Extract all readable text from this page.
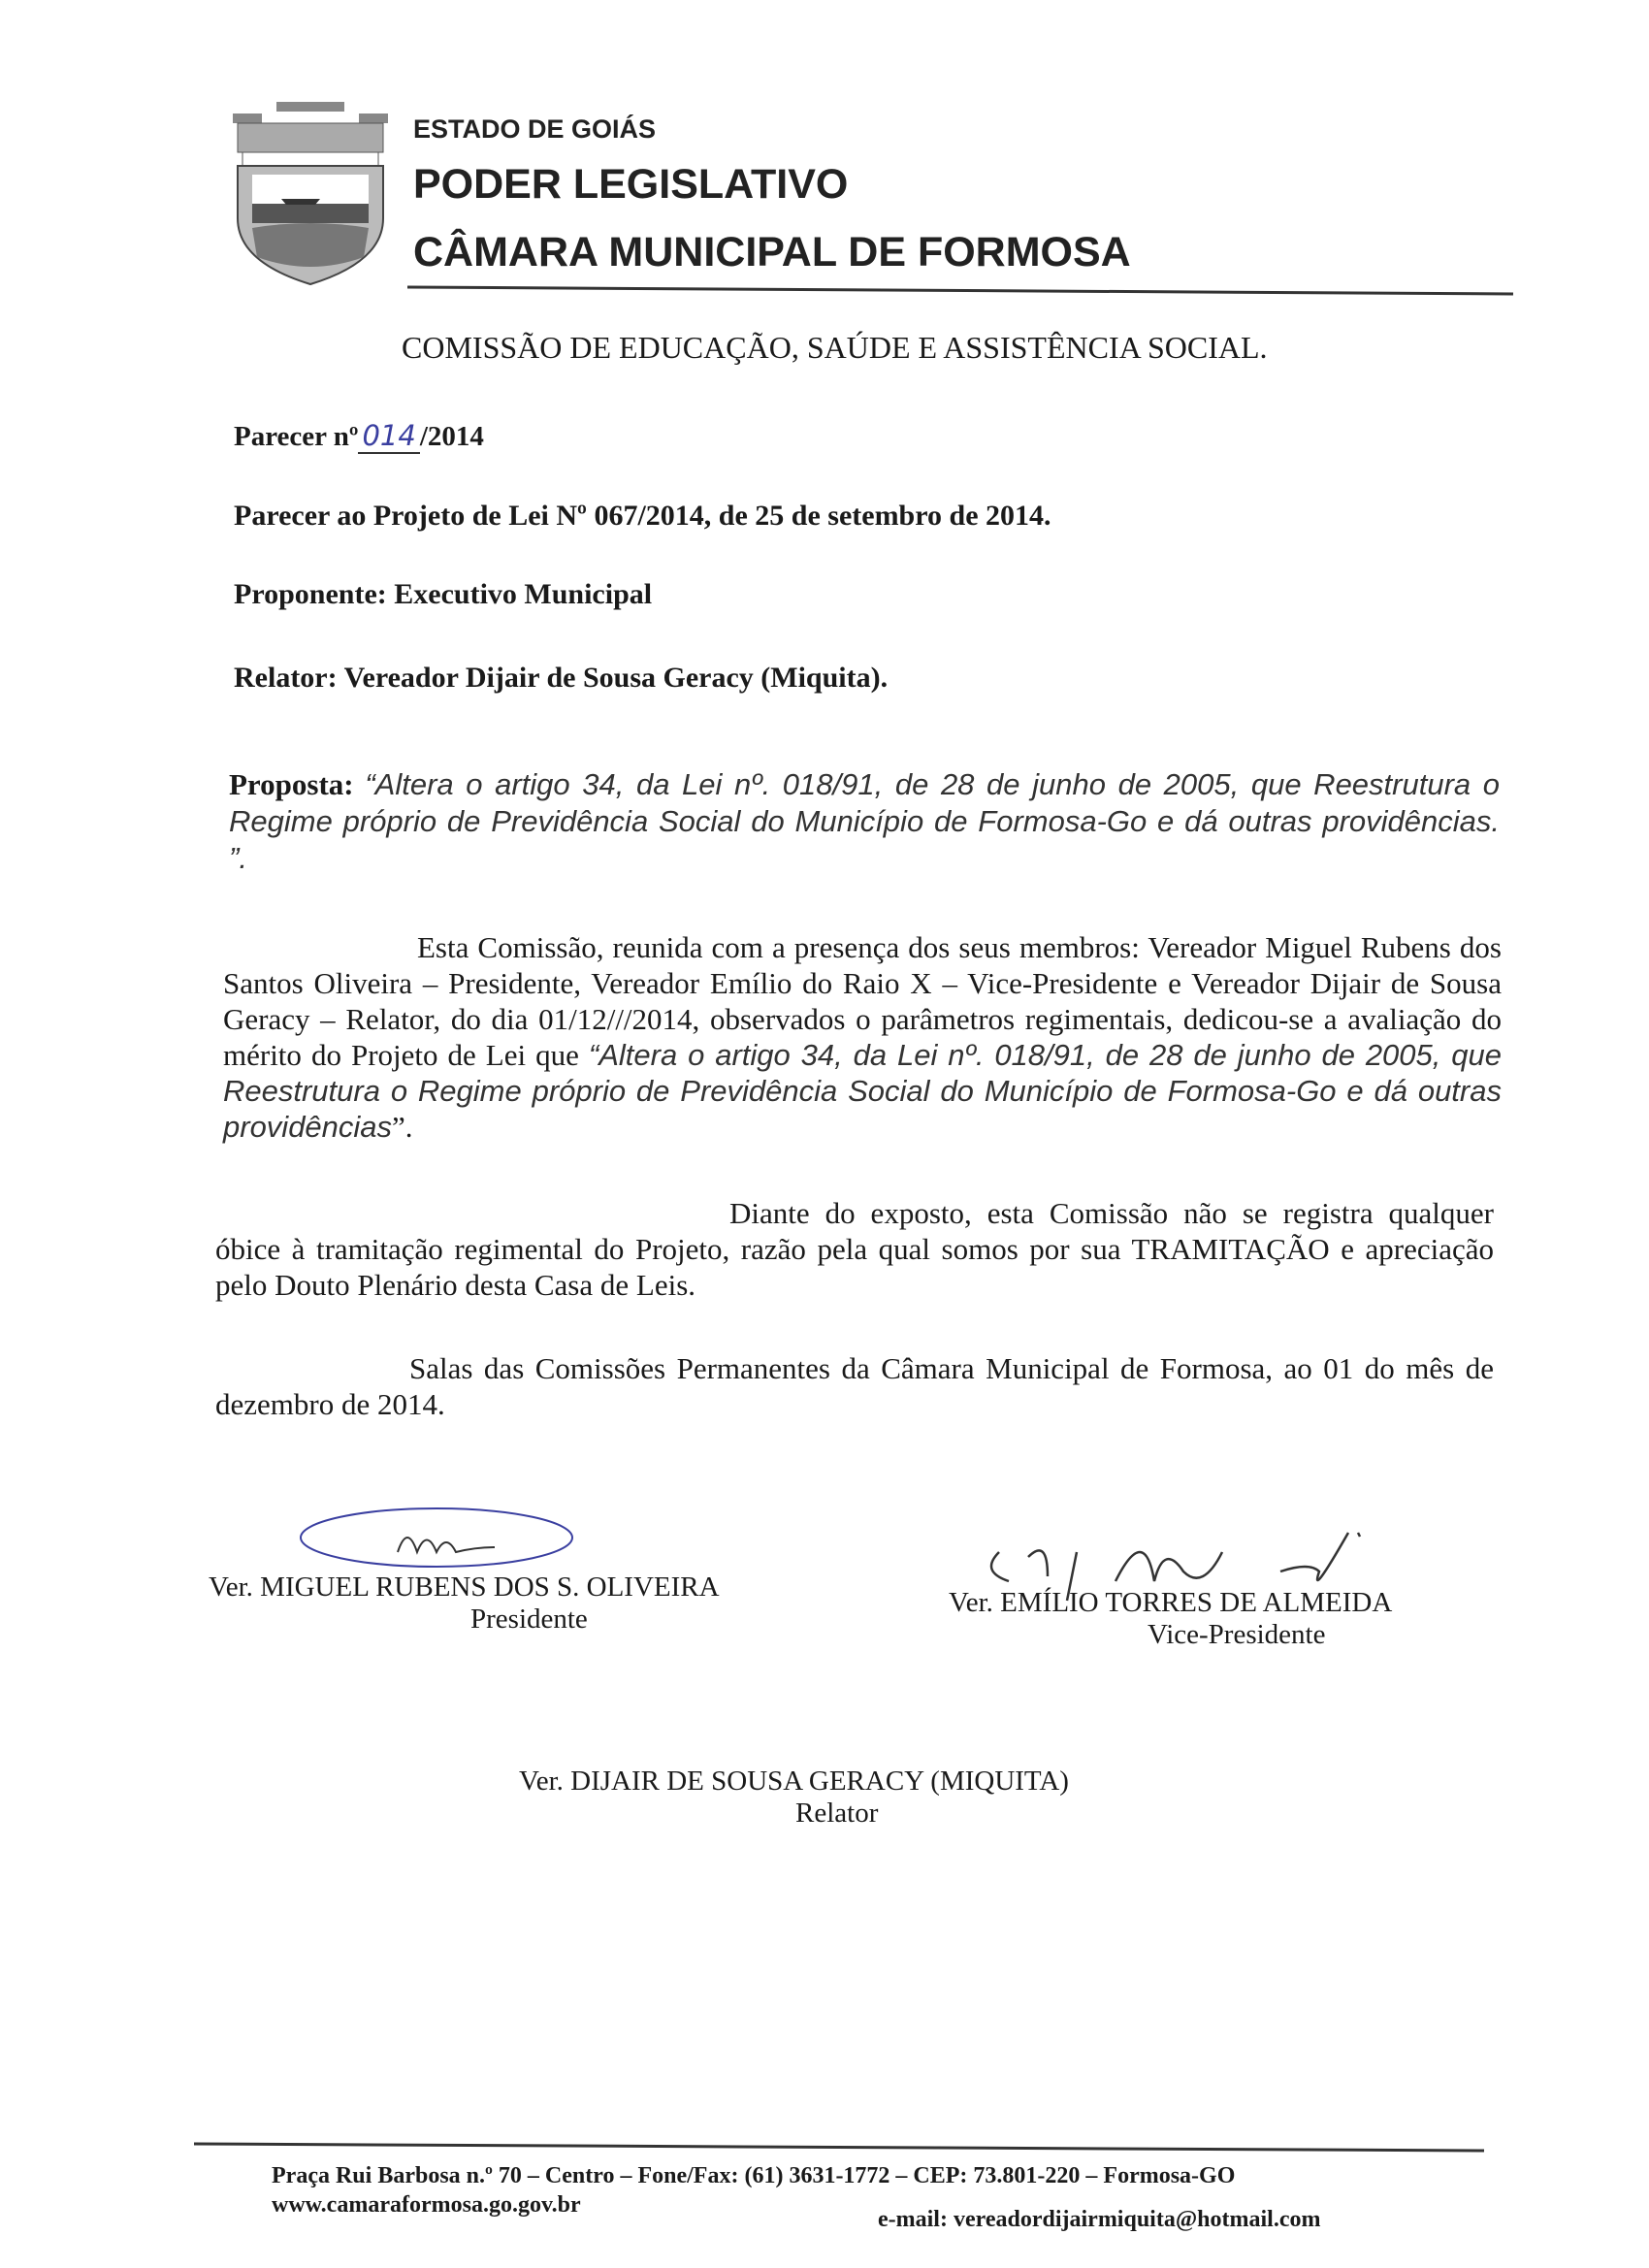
ESTADO DE GOIÁS
PODER LEGISLATIVO
CÂMARA MUNICIPAL DE FORMOSA
COMISSÃO DE EDUCAÇÃO, SAÚDE E ASSISTÊNCIA SOCIAL.
Parecer nº 014 /2014
Parecer ao Projeto de Lei Nº 067/2014, de 25 de setembro de 2014.
Proponente: Executivo Municipal
Relator: Vereador Dijair de Sousa Geracy (Miquita).
Proposta: “Altera o artigo 34, da Lei nº. 018/91, de 28 de junho de 2005, que Reestrutura o Regime próprio de Previdência Social do Município de Formosa-Go e dá outras providências. ”.
Esta Comissão, reunida com a presença dos seus membros: Vereador Miguel Rubens dos Santos Oliveira – Presidente, Vereador Emílio do Raio X – Vice-Presidente e Vereador Dijair de Sousa Geracy – Relator, do dia 01/12///2014, observados o parâmetros regimentais, dedicou-se a avaliação do mérito do Projeto de Lei que “Altera o artigo 34, da Lei nº. 018/91, de 28 de junho de 2005, que Reestrutura o Regime próprio de Previdência Social do Município de Formosa-Go e dá outras providências”.
Diante do exposto, esta Comissão não se registra qualquer óbice à tramitação regimental do Projeto, razão pela qual somos por sua TRAMITAÇÃO e apreciação pelo Douto Plenário desta Casa de Leis.
Salas das Comissões Permanentes da Câmara Municipal de Formosa, ao 01 do mês de dezembro de 2014.
Ver. MIGUEL RUBENS DOS S. OLIVEIRA
Presidente
Ver. EMÍLIO TORRES DE ALMEIDA
Vice-Presidente
Ver. DIJAIR DE SOUSA GERACY (MIQUITA)
Relator
Praça Rui Barbosa n.º 70 – Centro – Fone/Fax: (61) 3631-1772 – CEP: 73.801-220 – Formosa-GO
www.camaraformosa.go.gov.br
e-mail: vereadordijairmiquita@hotmail.com
